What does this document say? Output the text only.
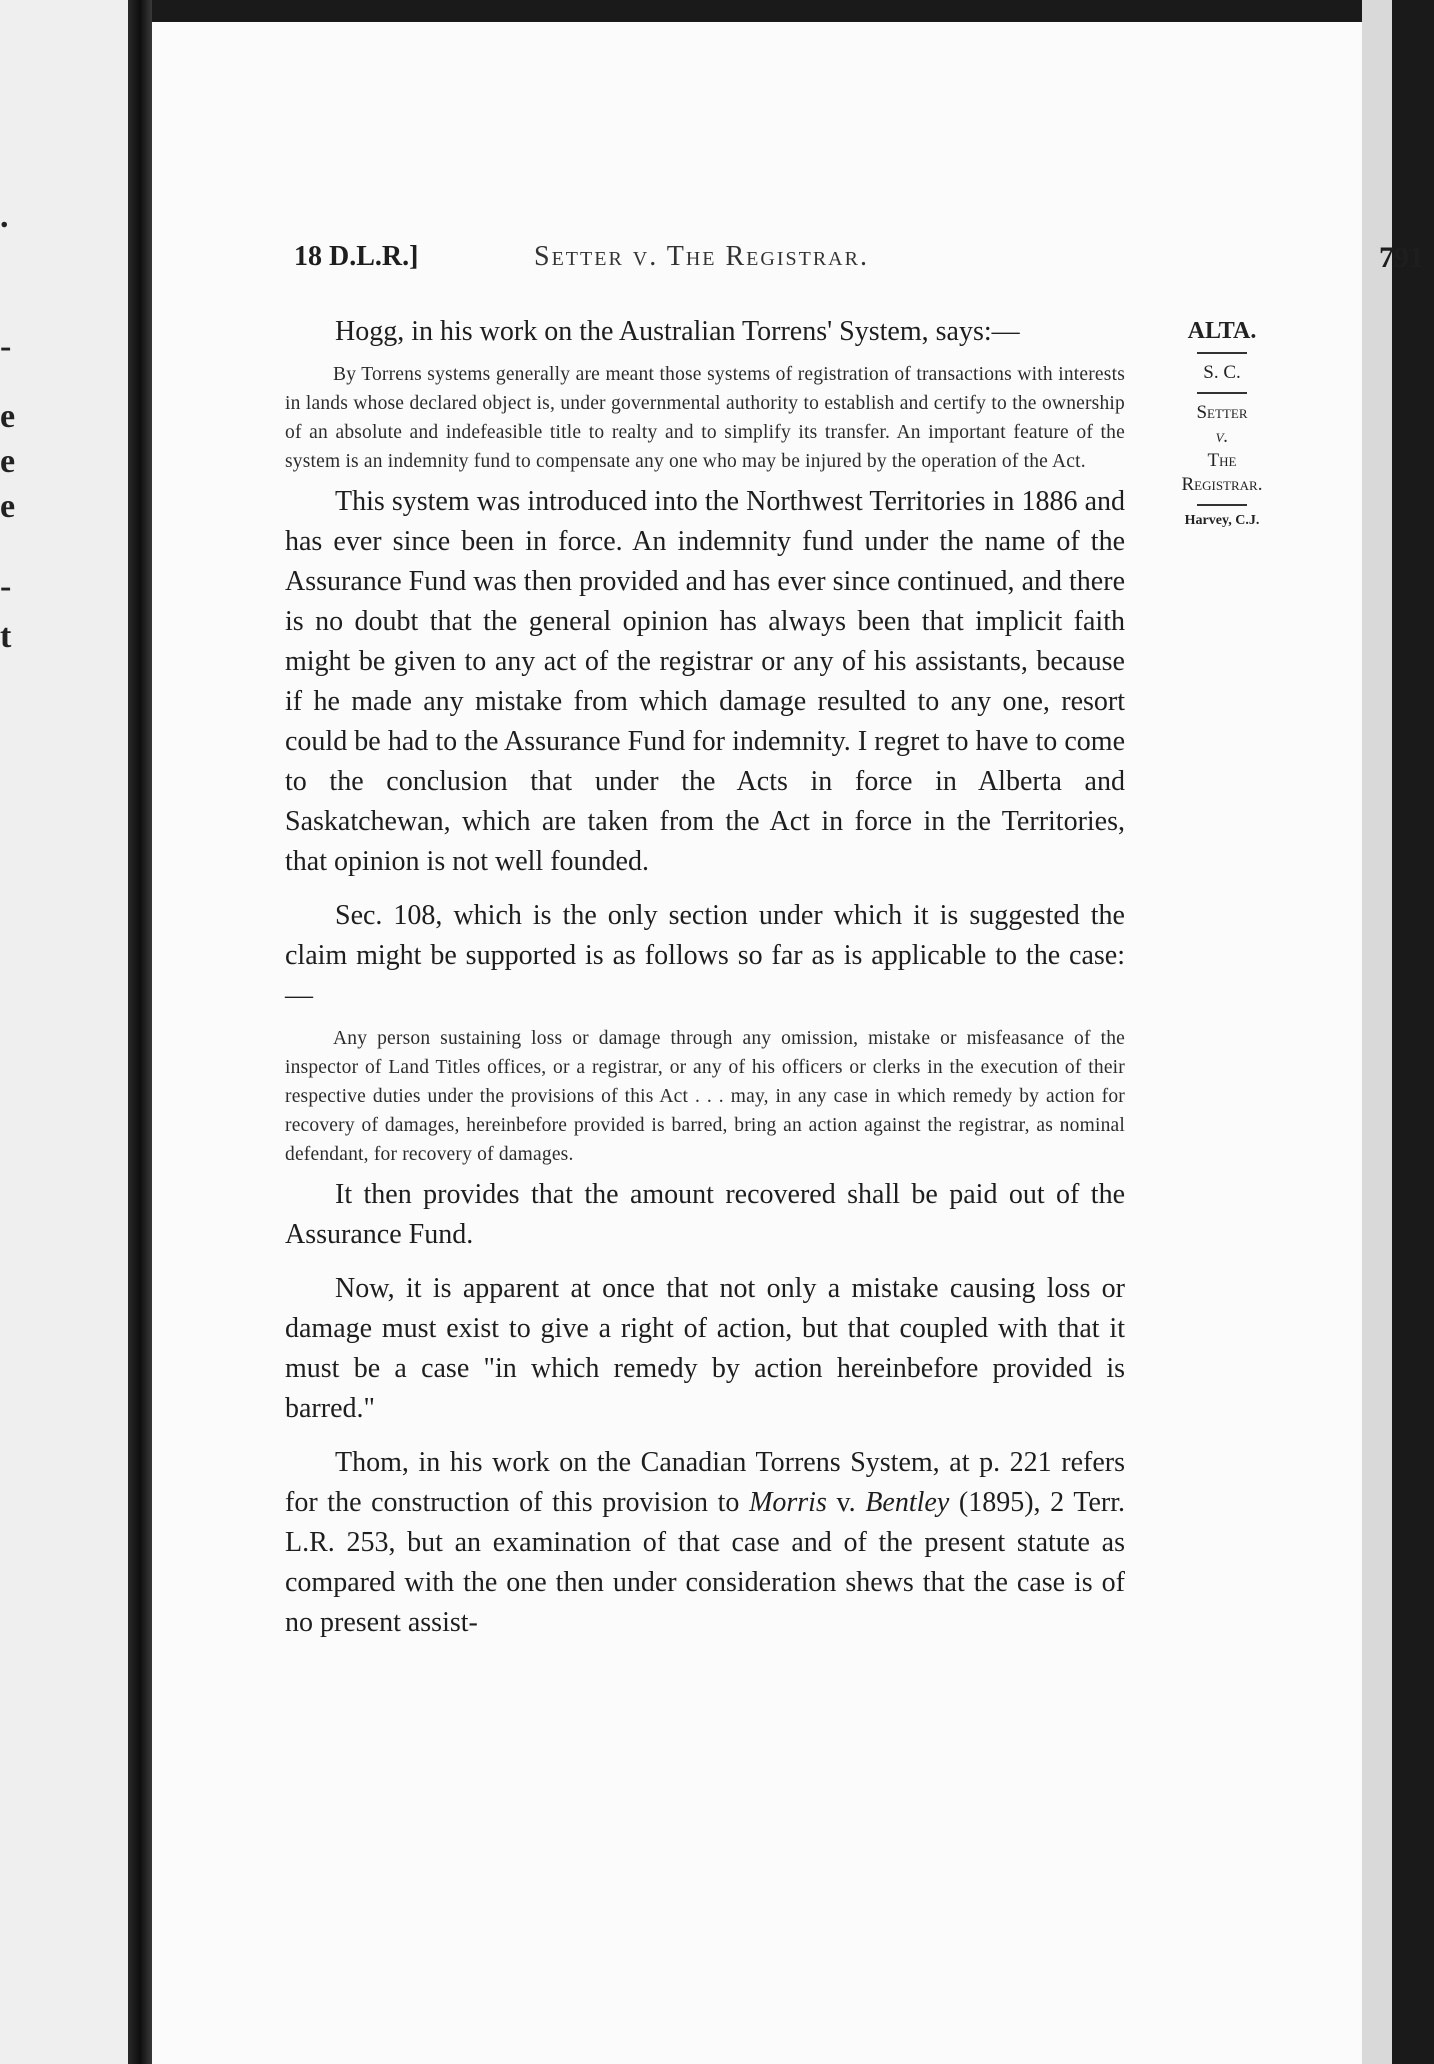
.
-
e
e
e
-
t
18 D.L.R.]	Setter v. The Registrar.	791

Hogg, in his work on the Australian Torrens' System, says:—

By Torrens systems generally are meant those systems of registration of transactions with interests in lands whose declared object is, under governmental authority to establish and certify to the ownership of an absolute and indefeasible title to realty and to simplify its transfer. An important feature of the system is an indemnity fund to compensate any one who may be injured by the operation of the Act.

This system was introduced into the Northwest Territories in 1886 and has ever since been in force. An indemnity fund under the name of the Assurance Fund was then provided and has ever since continued, and there is no doubt that the general opinion has always been that implicit faith might be given to any act of the registrar or any of his assistants, because if he made any mistake from which damage resulted to any one, resort could be had to the Assurance Fund for indemnity. I regret to have to come to the conclusion that under the Acts in force in Alberta and Saskatchewan, which are taken from the Act in force in the Territories, that opinion is not well founded.

Sec. 108, which is the only section under which it is suggested the claim might be supported is as follows so far as is applicable to the case:—

Any person sustaining loss or damage through any omission, mistake or misfeasance of the inspector of Land Titles offices, or a registrar, or any of his officers or clerks in the execution of their respective duties under the provisions of this Act . . . may, in any case in which remedy by action for recovery of damages, hereinbefore provided is barred, bring an action against the registrar, as nominal defendant, for recovery of damages.

It then provides that the amount recovered shall be paid out of the Assurance Fund.

Now, it is apparent at once that not only a mistake causing loss or damage must exist to give a right of action, but that coupled with that it must be a case "in which remedy by action hereinbefore provided is barred."

Thom, in his work on the Canadian Torrens System, at p. 221 refers for the construction of this provision to Morris v. Bentley (1895), 2 Terr. L.R. 253, but an examination of that case and of the present statute as compared with the one then under consideration shews that the case is of no present assist-

ALTA.
S. C.
Setter
v.
The
Registrar.
Harvey, C.J.
